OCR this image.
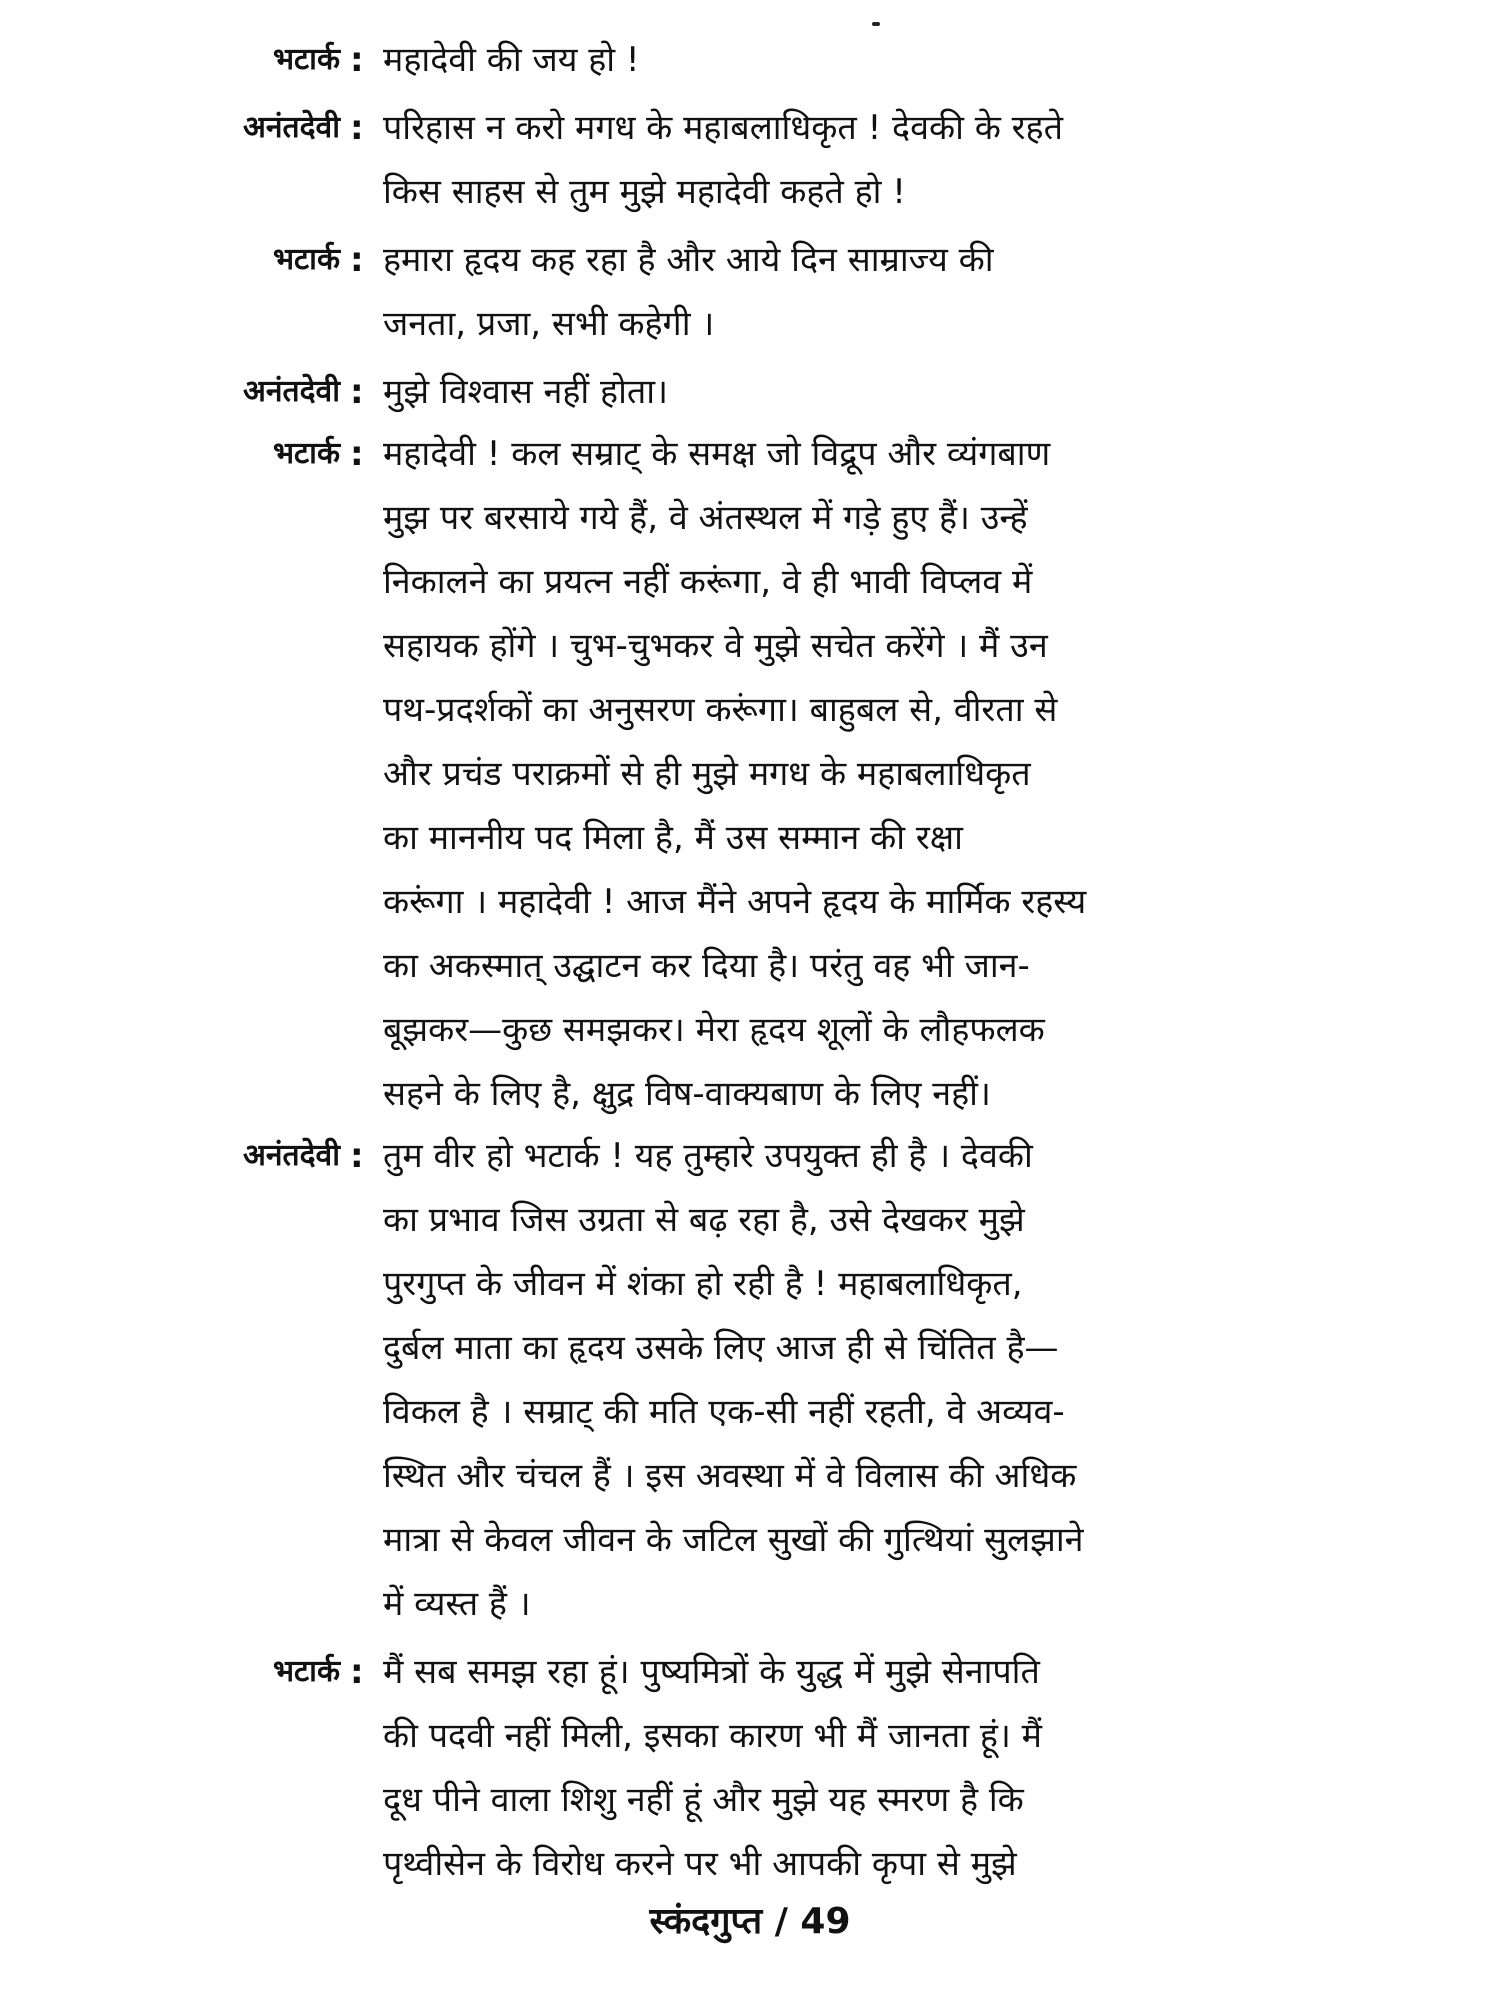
भटार्क : महादेवी की जय हो !
अनंतदेवी : परिहास न करो मगध के महाबलाधिकृत ! देवकी के रहते
किस साहस से तुम मुझे महादेवी कहते हो !
भटार्क : हमारा हृदय कह रहा है और आये दिन साम्राज्य की
जनता, प्रजा, सभी कहेगी ।
अनंतदेवी : मुझे विश्वास नहीं होता।
भटार्क : महादेवी ! कल सम्राट् के समक्ष जो विद्रूप और व्यंगबाण
मुझ पर बरसाये गये हैं, वे अंतस्थल में गड़े हुए हैं। उन्हें
निकालने का प्रयत्न नहीं करूंगा, वे ही भावी विप्लव में
सहायक होंगे । चुभ-चुभकर वे मुझे सचेत करेंगे । मैं उन
पथ-प्रदर्शकों का अनुसरण करूंगा। बाहुबल से, वीरता से
और प्रचंड पराक्रमों से ही मुझे मगध के महाबलाधिकृत
का माननीय पद मिला है, मैं उस सम्मान की रक्षा
करूंगा । महादेवी ! आज मैंने अपने हृदय के मार्मिक रहस्य
का अकस्मात् उद्घाटन कर दिया है। परंतु वह भी जान-
बूझकर—कुछ समझकर। मेरा हृदय शूलों के लौहफलक
सहने के लिए है, क्षुद्र विष-वाक्यबाण के लिए नहीं।
अनंतदेवी : तुम वीर हो भटार्क ! यह तुम्हारे उपयुक्त ही है । देवकी
का प्रभाव जिस उग्रता से बढ़ रहा है, उसे देखकर मुझे
पुरगुप्त के जीवन में शंका हो रही है ! महाबलाधिकृत,
दुर्बल माता का हृदय उसके लिए आज ही से चिंतित है—
विकल है । सम्राट् की मति एक-सी नहीं रहती, वे अव्यव-
स्थित और चंचल हैं । इस अवस्था में वे विलास की अधिक
मात्रा से केवल जीवन के जटिल सुखों की गुत्थियां सुलझाने
में व्यस्त हैं ।
भटार्क : मैं सब समझ रहा हूं। पुष्यमित्रों के युद्ध में मुझे सेनापति
की पदवी नहीं मिली, इसका कारण भी मैं जानता हूं। मैं
दूध पीने वाला शिशु नहीं हूं और मुझे यह स्मरण है कि
पृथ्वीसेन के विरोध करने पर भी आपकी कृपा से मुझे
स्कंदगुप्त / 49
